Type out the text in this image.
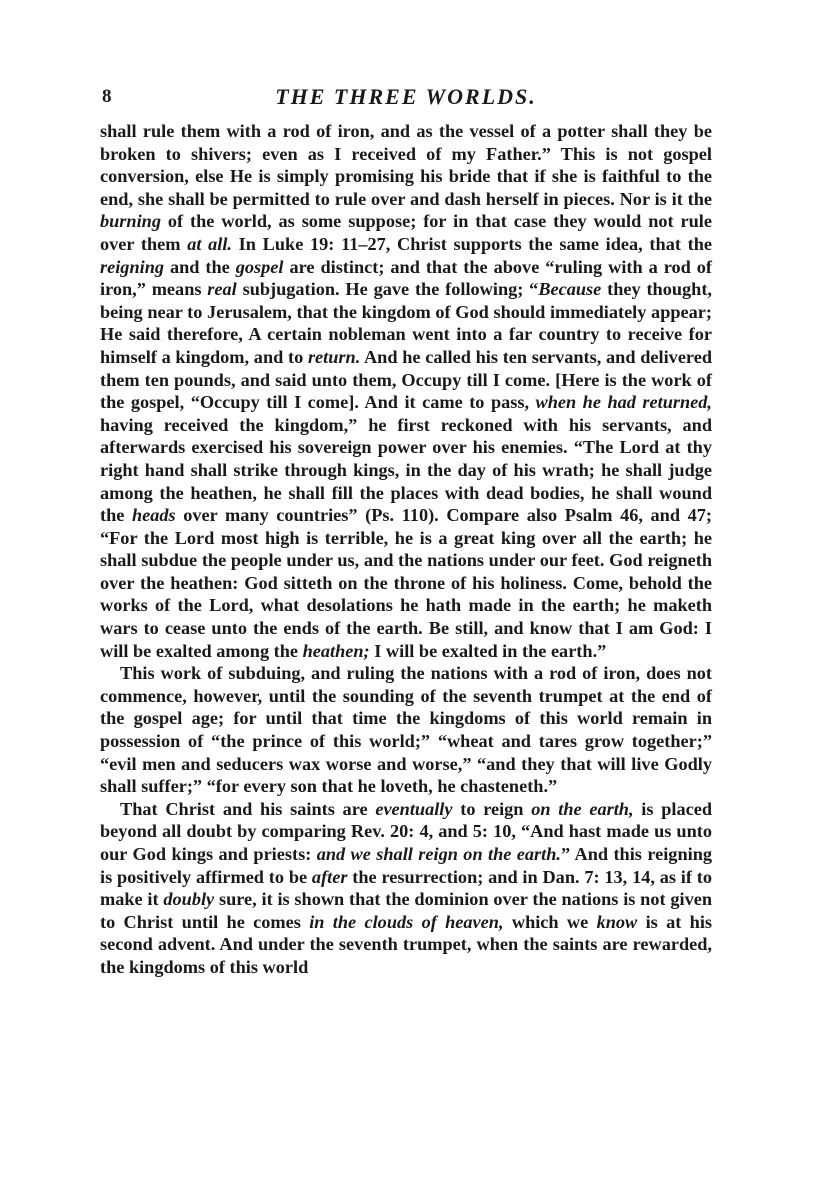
8	THE THREE WORLDS.

shall rule them with a rod of iron, and as the vessel of a potter shall they be broken to shivers; even as I received of my Father.” This is not gospel conversion, else He is simply promising his bride that if she is faithful to the end, she shall be permitted to rule over and dash herself in pieces. Nor is it the burning of the world, as some suppose; for in that case they would not rule over them at all. In Luke 19: 11–27, Christ supports the same idea, that the reigning and the gospel are distinct; and that the above “ruling with a rod of iron,” means real subjugation. He gave the following; “Because they thought, being near to Jerusalem, that the kingdom of God should immediately appear; He said therefore, A certain nobleman went into a far country to receive for himself a kingdom, and to return. And he called his ten servants, and delivered them ten pounds, and said unto them, Occupy till I come. [Here is the work of the gospel, “Occupy till I come]. And it came to pass, when he had returned, having received the kingdom,” he first reckoned with his servants, and afterwards exercised his sovereign power over his enemies. “The Lord at thy right hand shall strike through kings, in the day of his wrath; he shall judge among the heathen, he shall fill the places with dead bodies, he shall wound the heads over many countries” (Ps. 110). Compare also Psalm 46, and 47; “For the Lord most high is terrible, he is a great king over all the earth; he shall subdue the people under us, and the nations under our feet. God reigneth over the heathen: God sitteth on the throne of his holiness. Come, behold the works of the Lord, what desolations he hath made in the earth; he maketh wars to cease unto the ends of the earth. Be still, and know that I am God: I will be exalted among the heathen; I will be exalted in the earth.”

This work of subduing, and ruling the nations with a rod of iron, does not commence, however, until the sounding of the seventh trumpet at the end of the gospel age; for until that time the kingdoms of this world remain in possession of “the prince of this world;” “wheat and tares grow together;” “evil men and seducers wax worse and worse,” “and they that will live Godly shall suffer;” “for every son that he loveth, he chasteneth.”

That Christ and his saints are eventually to reign on the earth, is placed beyond all doubt by comparing Rev. 20: 4, and 5: 10, “And hast made us unto our God kings and priests: and we shall reign on the earth.” And this reigning is positively affirmed to be after the resurrection; and in Dan. 7: 13, 14, as if to make it doubly sure, it is shown that the dominion over the nations is not given to Christ until he comes in the clouds of heaven, which we know is at his second advent. And under the seventh trumpet, when the saints are rewarded, the kingdoms of this world
